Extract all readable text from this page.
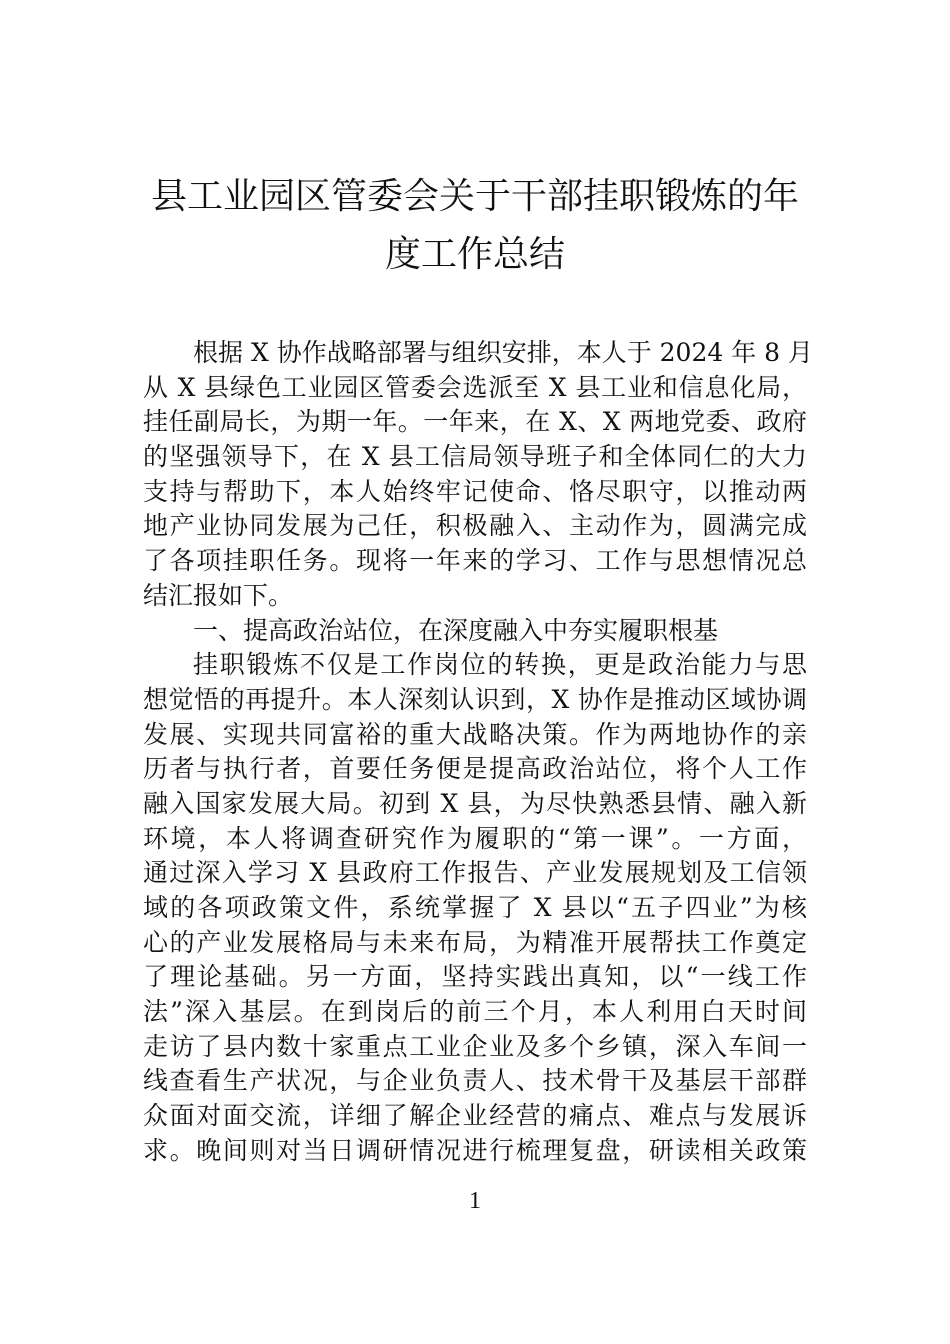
县工业园区管委会关于干部挂职锻炼的年
度工作总结
根据 X 协作战略部署与组织安排，本人于 2024 年 8 月
从 X 县绿色工业园区管委会选派至 X 县工业和信息化局，
挂任副局长，为期一年。一年来，在 X、X 两地党委、政府
的坚强领导下，在 X 县工信局领导班子和全体同仁的大力
支持与帮助下，本人始终牢记使命、恪尽职守，以推动两
地产业协同发展为己任，积极融入、主动作为，圆满完成
了各项挂职任务。现将一年来的学习、工作与思想情况总
结汇报如下。
一、提高政治站位，在深度融入中夯实履职根基
挂职锻炼不仅是工作岗位的转换，更是政治能力与思
想觉悟的再提升。本人深刻认识到，X 协作是推动区域协调
发展、实现共同富裕的重大战略决策。作为两地协作的亲
历者与执行者，首要任务便是提高政治站位，将个人工作
融入国家发展大局。初到 X 县，为尽快熟悉县情、融入新
环境，本人将调查研究作为履职的“第一课”。一方面，
通过深入学习 X 县政府工作报告、产业发展规划及工信领
域的各项政策文件，系统掌握了 X 县以“五子四业”为核
心的产业发展格局与未来布局，为精准开展帮扶工作奠定
了理论基础。另一方面，坚持实践出真知，以“一线工作
法”深入基层。在到岗后的前三个月，本人利用白天时间
走访了县内数十家重点工业企业及多个乡镇，深入车间一
线查看生产状况，与企业负责人、技术骨干及基层干部群
众面对面交流，详细了解企业经营的痛点、难点与发展诉
求。晚间则对当日调研情况进行梳理复盘，研读相关政策
1
